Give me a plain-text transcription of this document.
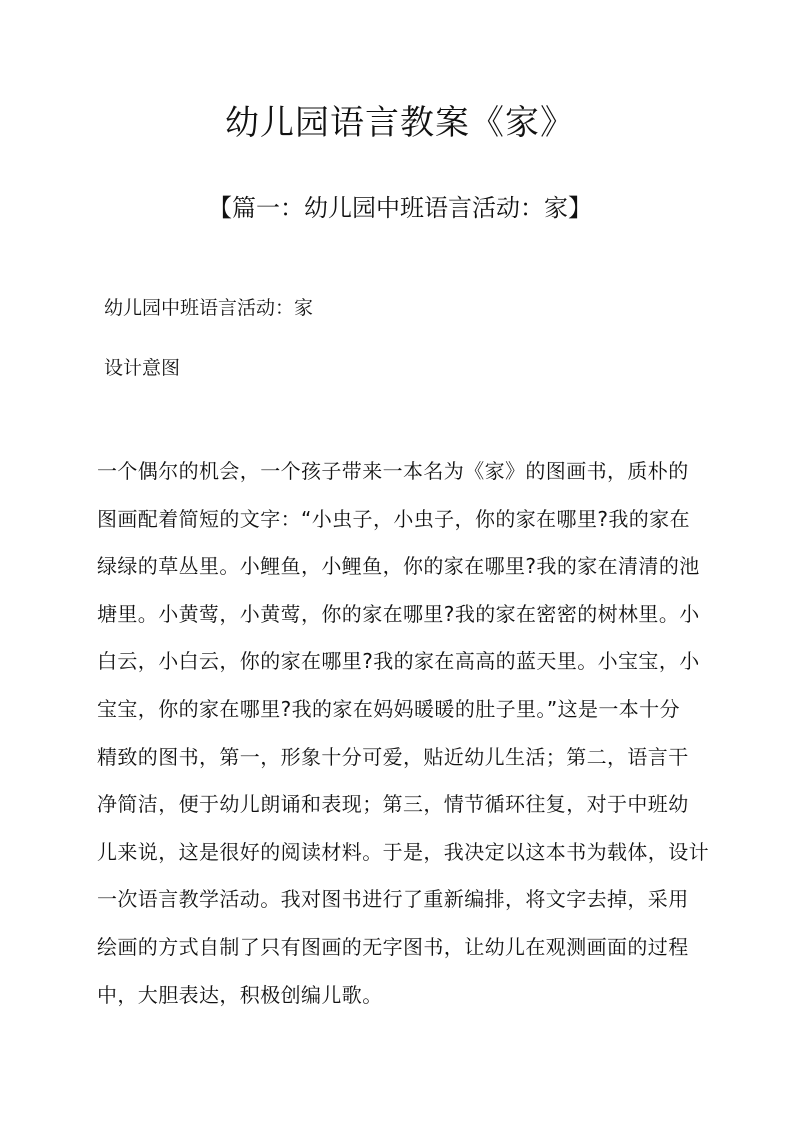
幼儿园语言教案《家》
【篇一：幼儿园中班语言活动：家】

幼儿园中班语言活动：家

设计意图

一个偶尔的机会，一个孩子带来一本名为《家》的图画书，质朴的
图画配着简短的文字：“小虫子，小虫子，你的家在哪里?我的家在
绿绿的草丛里。小鲤鱼，小鲤鱼，你的家在哪里?我的家在清清的池
塘里。小黄莺，小黄莺，你的家在哪里?我的家在密密的树林里。小
白云，小白云，你的家在哪里?我的家在高高的蓝天里。小宝宝，小
宝宝，你的家在哪里?我的家在妈妈暖暖的肚子里。”这是一本十分
精致的图书，第一，形象十分可爱，贴近幼儿生活；第二，语言干
净简洁，便于幼儿朗诵和表现；第三，情节循环往复，对于中班幼
儿来说，这是很好的阅读材料。于是，我决定以这本书为载体，设计
一次语言教学活动。我对图书进行了重新编排，将文字去掉，采用
绘画的方式自制了只有图画的无字图书，让幼儿在观测画面的过程
中，大胆表达，积极创编儿歌。
